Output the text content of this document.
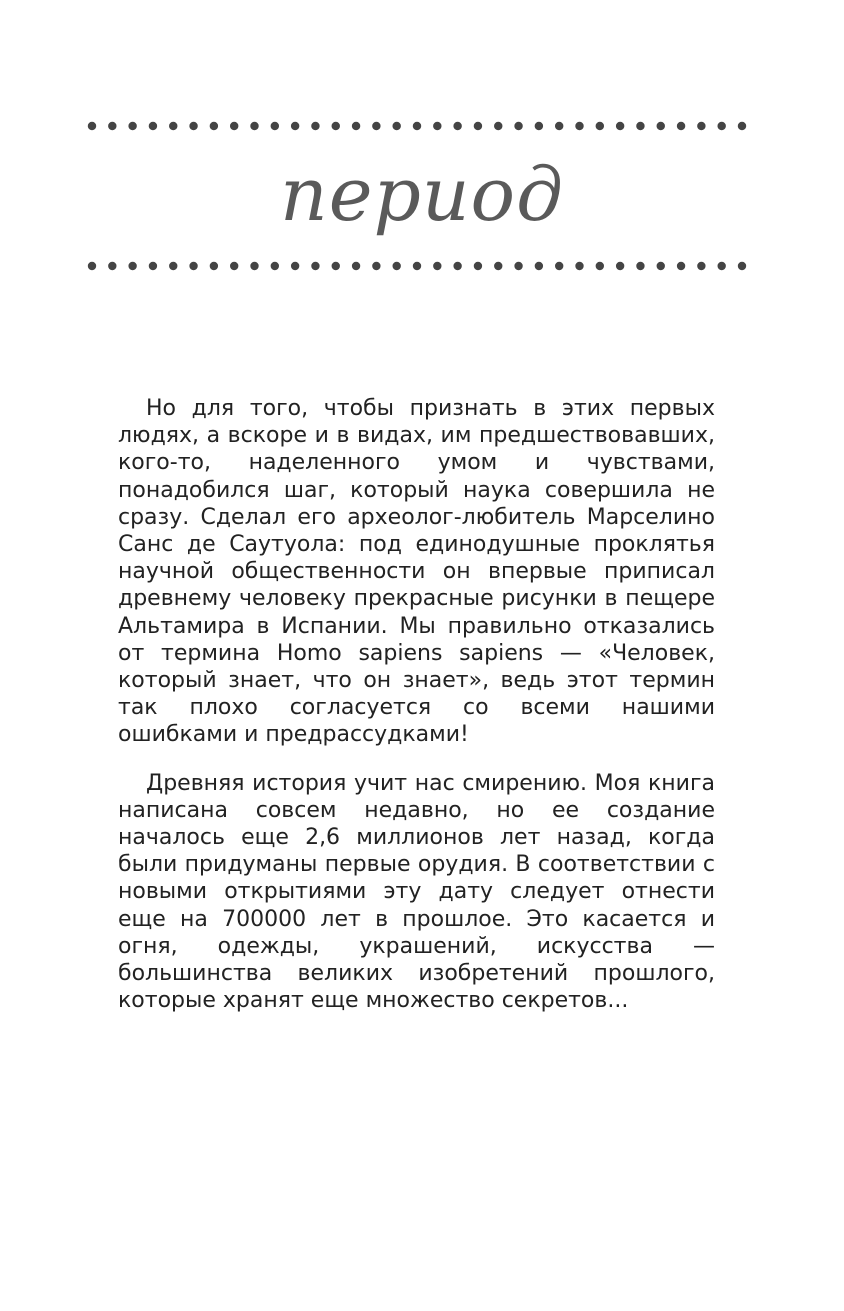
период

Но для того, чтобы признать в этих первых людях, а вскоре и в видах, им предшествовавших, кого-то, наделенного умом и чувствами, понадобился шаг, который наука совершила не сразу. Сделал его археолог-любитель Марселино Санс де Саутуола: под единодушные проклятья научной общественности он впервые приписал древнему человеку прекрасные рисунки в пещере Альтамира в Испании. Мы правильно отказались от термина Homo sapiens sapiens — «Человек, который знает, что он знает», ведь этот термин так плохо согласуется со всеми нашими ошибками и предрассудками!

Древняя история учит нас смирению. Моя книга написана совсем недавно, но ее создание началось еще 2,6 миллионов лет назад, когда были придуманы первые орудия. В соответствии с новыми открытиями эту дату следует отнести еще на 700000 лет в прошлое. Это касается и огня, одежды, украшений, искусства — большинства великих изобретений прошлого, которые хранят еще множество секретов...
